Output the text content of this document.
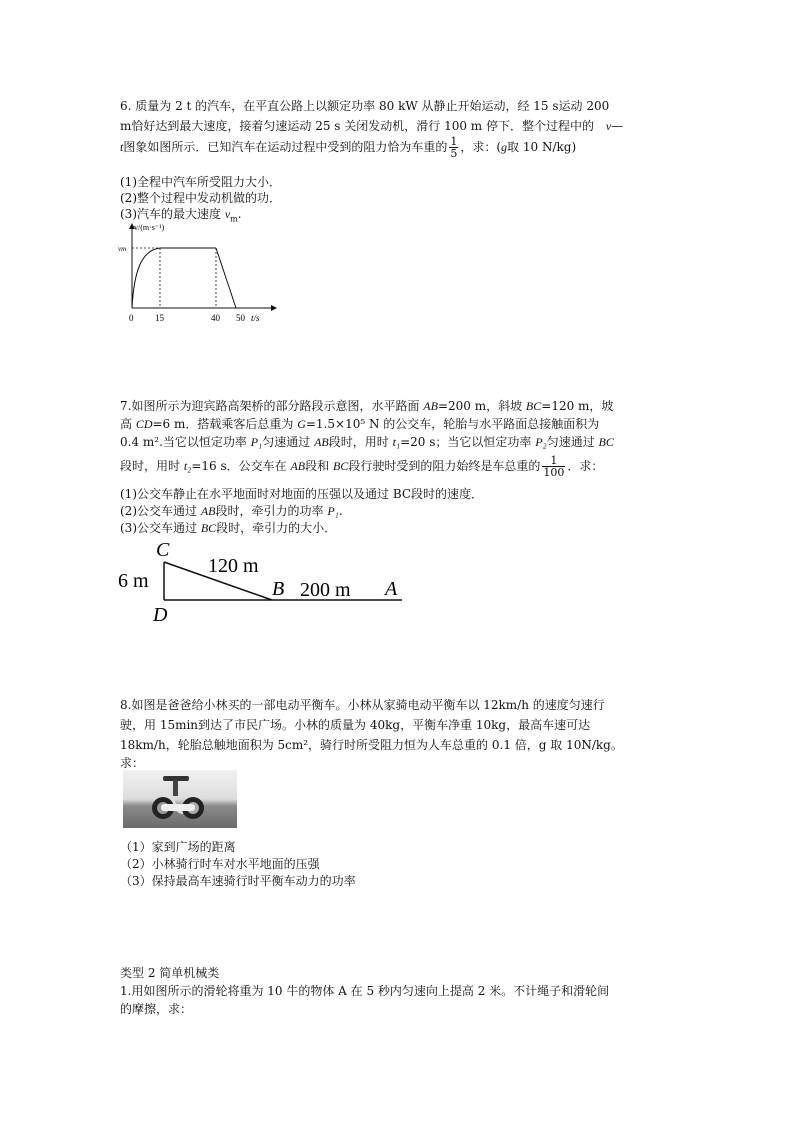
6. 质量为 2 t 的汽车，在平直公路上以额定功率 80 kW 从静止开始运动，经 15 s运动 200
m恰好达到最大速度，接着匀速运动 25 s 关闭发动机，滑行 100 m 停下．整个过程中的 v—
t图象如图所示．已知汽车在运动过程中受到的阻力恰为车重的 $\frac{1}{5}$ ，求：(g取 10 N/kg)
(1)全程中汽车所受阻力大小．
(2)整个过程中发动机做的功．
(3)汽车的最大速度 $v_m$.
v/(m·s⁻¹)
vm
0 15	40 50 t/s
7.如图所示为迎宾路高架桥的部分路段示意图，水平路面 AB=200 m，斜坡 BC=120 m，坡
高 CD=6 m．搭载乘客后总重为 G=1.5×10⁵ N 的公交车，轮胎与水平路面总接触面积为
0.4 m².当它以恒定功率 P₁匀速通过 AB段时，用时 t₁=20 s；当它以恒定功率 P₂匀速通过 BC
段时，用时 t₂=16 s．公交车在 AB段和 BC段行驶时受到的阻力始终是车总重的 $\frac{1}{100}$ ．求：
(1)公交车静止在水平地面时对地面的压强以及通过 BC段时的速度．
(2)公交车通过 AB段时，牵引力的功率 P₁.
(3)公交车通过 BC段时，牵引力的大小．
C
D
B	A
6 m
120 m
200 m
8.如图是爸爸给小林买的一部电动平衡车。小林从家骑电动平衡车以 12km/h 的速度匀速行
驶，用 15min到达了市民广场。小林的质量为 40kg，平衡车净重 10kg，最高车速可达
18km/h，轮胎总触地面积为 5cm²，骑行时所受阻力恒为人车总重的 0.1 倍，g 取 10N/kg。
求：
（1）家到广场的距离
（2）小林骑行时车对水平地面的压强
（3）保持最高车速骑行时平衡车动力的功率
类型 2 简单机械类
1.用如图所示的滑轮将重为 10 牛的物体 A 在 5 秒内匀速向上提高 2 米。不计绳子和滑轮间
的摩擦，求：
